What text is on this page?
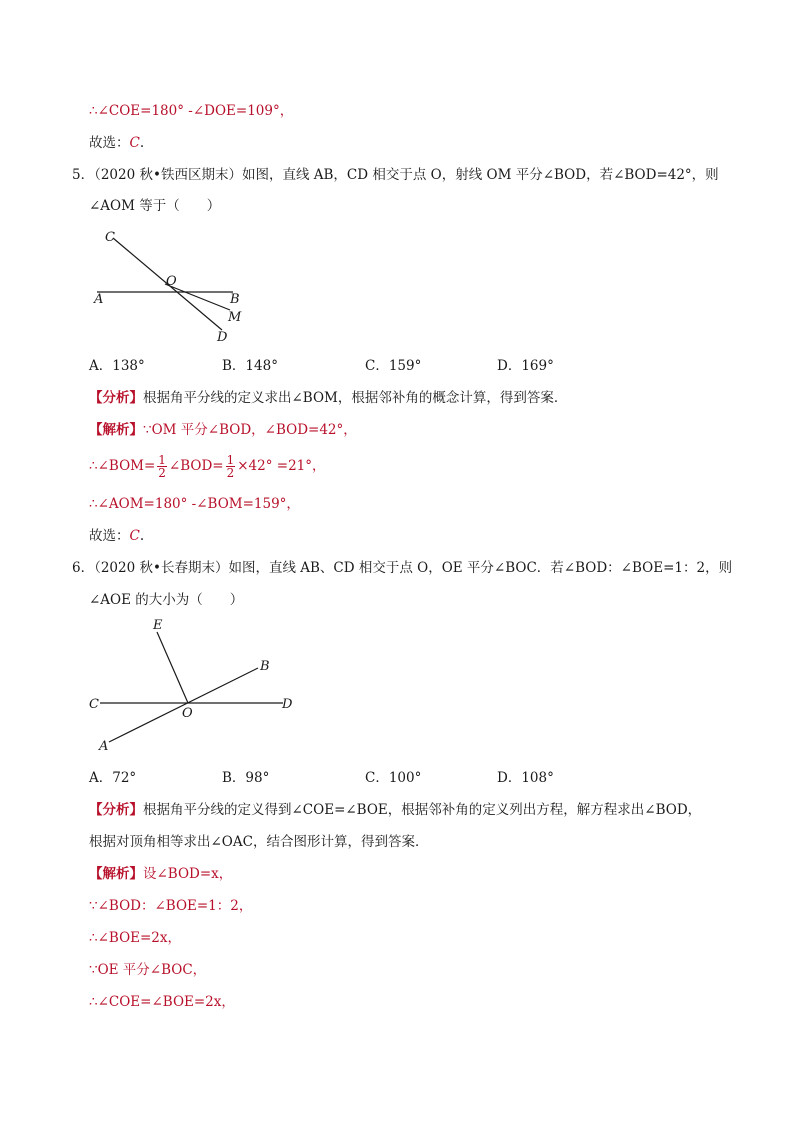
∴∠COE=180° -∠DOE=109°，
故选：C.
5．（2020 秋•铁西区期末）如图，直线 AB，CD 相交于点 O，射线 OM 平分∠BOD，若∠BOD=42°，则
∠AOM 等于（　　）
C
O
A	B
M
D
A．138°	B．148°	C．159°	D．169°
【分析】根据角平分线的定义求出∠BOM，根据邻补角的概念计算，得到答案．
【解析】∵OM 平分∠BOD，∠BOD=42°，
∴∠BOM= $\frac{1}{2}$ ∠BOD= $\frac{1}{2} \times 42^\circ =21^\circ$，
∴∠AOM=180° -∠BOM=159°，
故选：C.
6．（2020 秋•长春期末）如图，直线 AB、CD 相交于点 O，OE 平分∠BOC．若∠BOD：∠BOE=1：2，则
∠AOE 的大小为（　　）
E
B
C
O
D
A
A．72°	B．98°	C．100°	D．108°
【分析】根据角平分线的定义得到∠COE=∠BOE，根据邻补角的定义列出方程，解方程求出∠BOD，
根据对顶角相等求出∠OAC，结合图形计算，得到答案．
【解析】设∠BOD=x，
∵∠BOD：∠BOE=1：2，
∴∠BOE=2x，
∵OE 平分∠BOC，
∴∠COE=∠BOE=2x，
